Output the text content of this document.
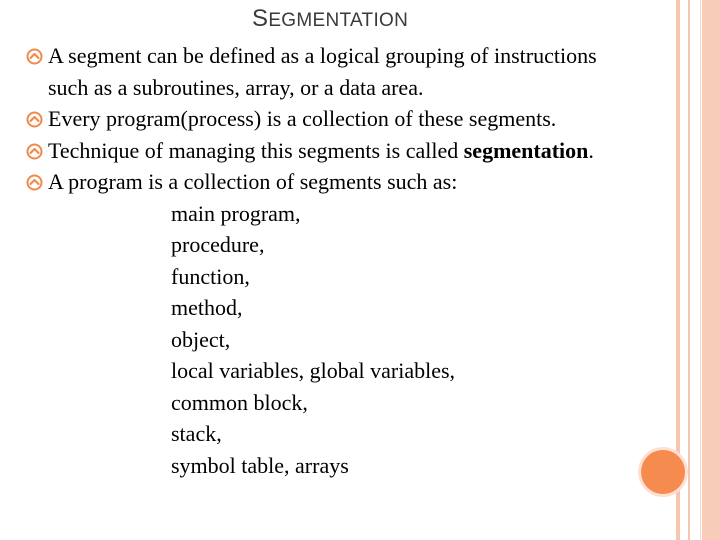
SEGMENTATION
A segment can be defined as a logical grouping of instructions
such as a subroutines, array, or a data area.
Every program(process) is a collection of these segments.
Technique of managing this segments is called segmentation.
A program is a collection of segments such as:
main program,
procedure,
function,
method,
object,
local variables, global variables,
common block,
stack,
symbol table, arrays
